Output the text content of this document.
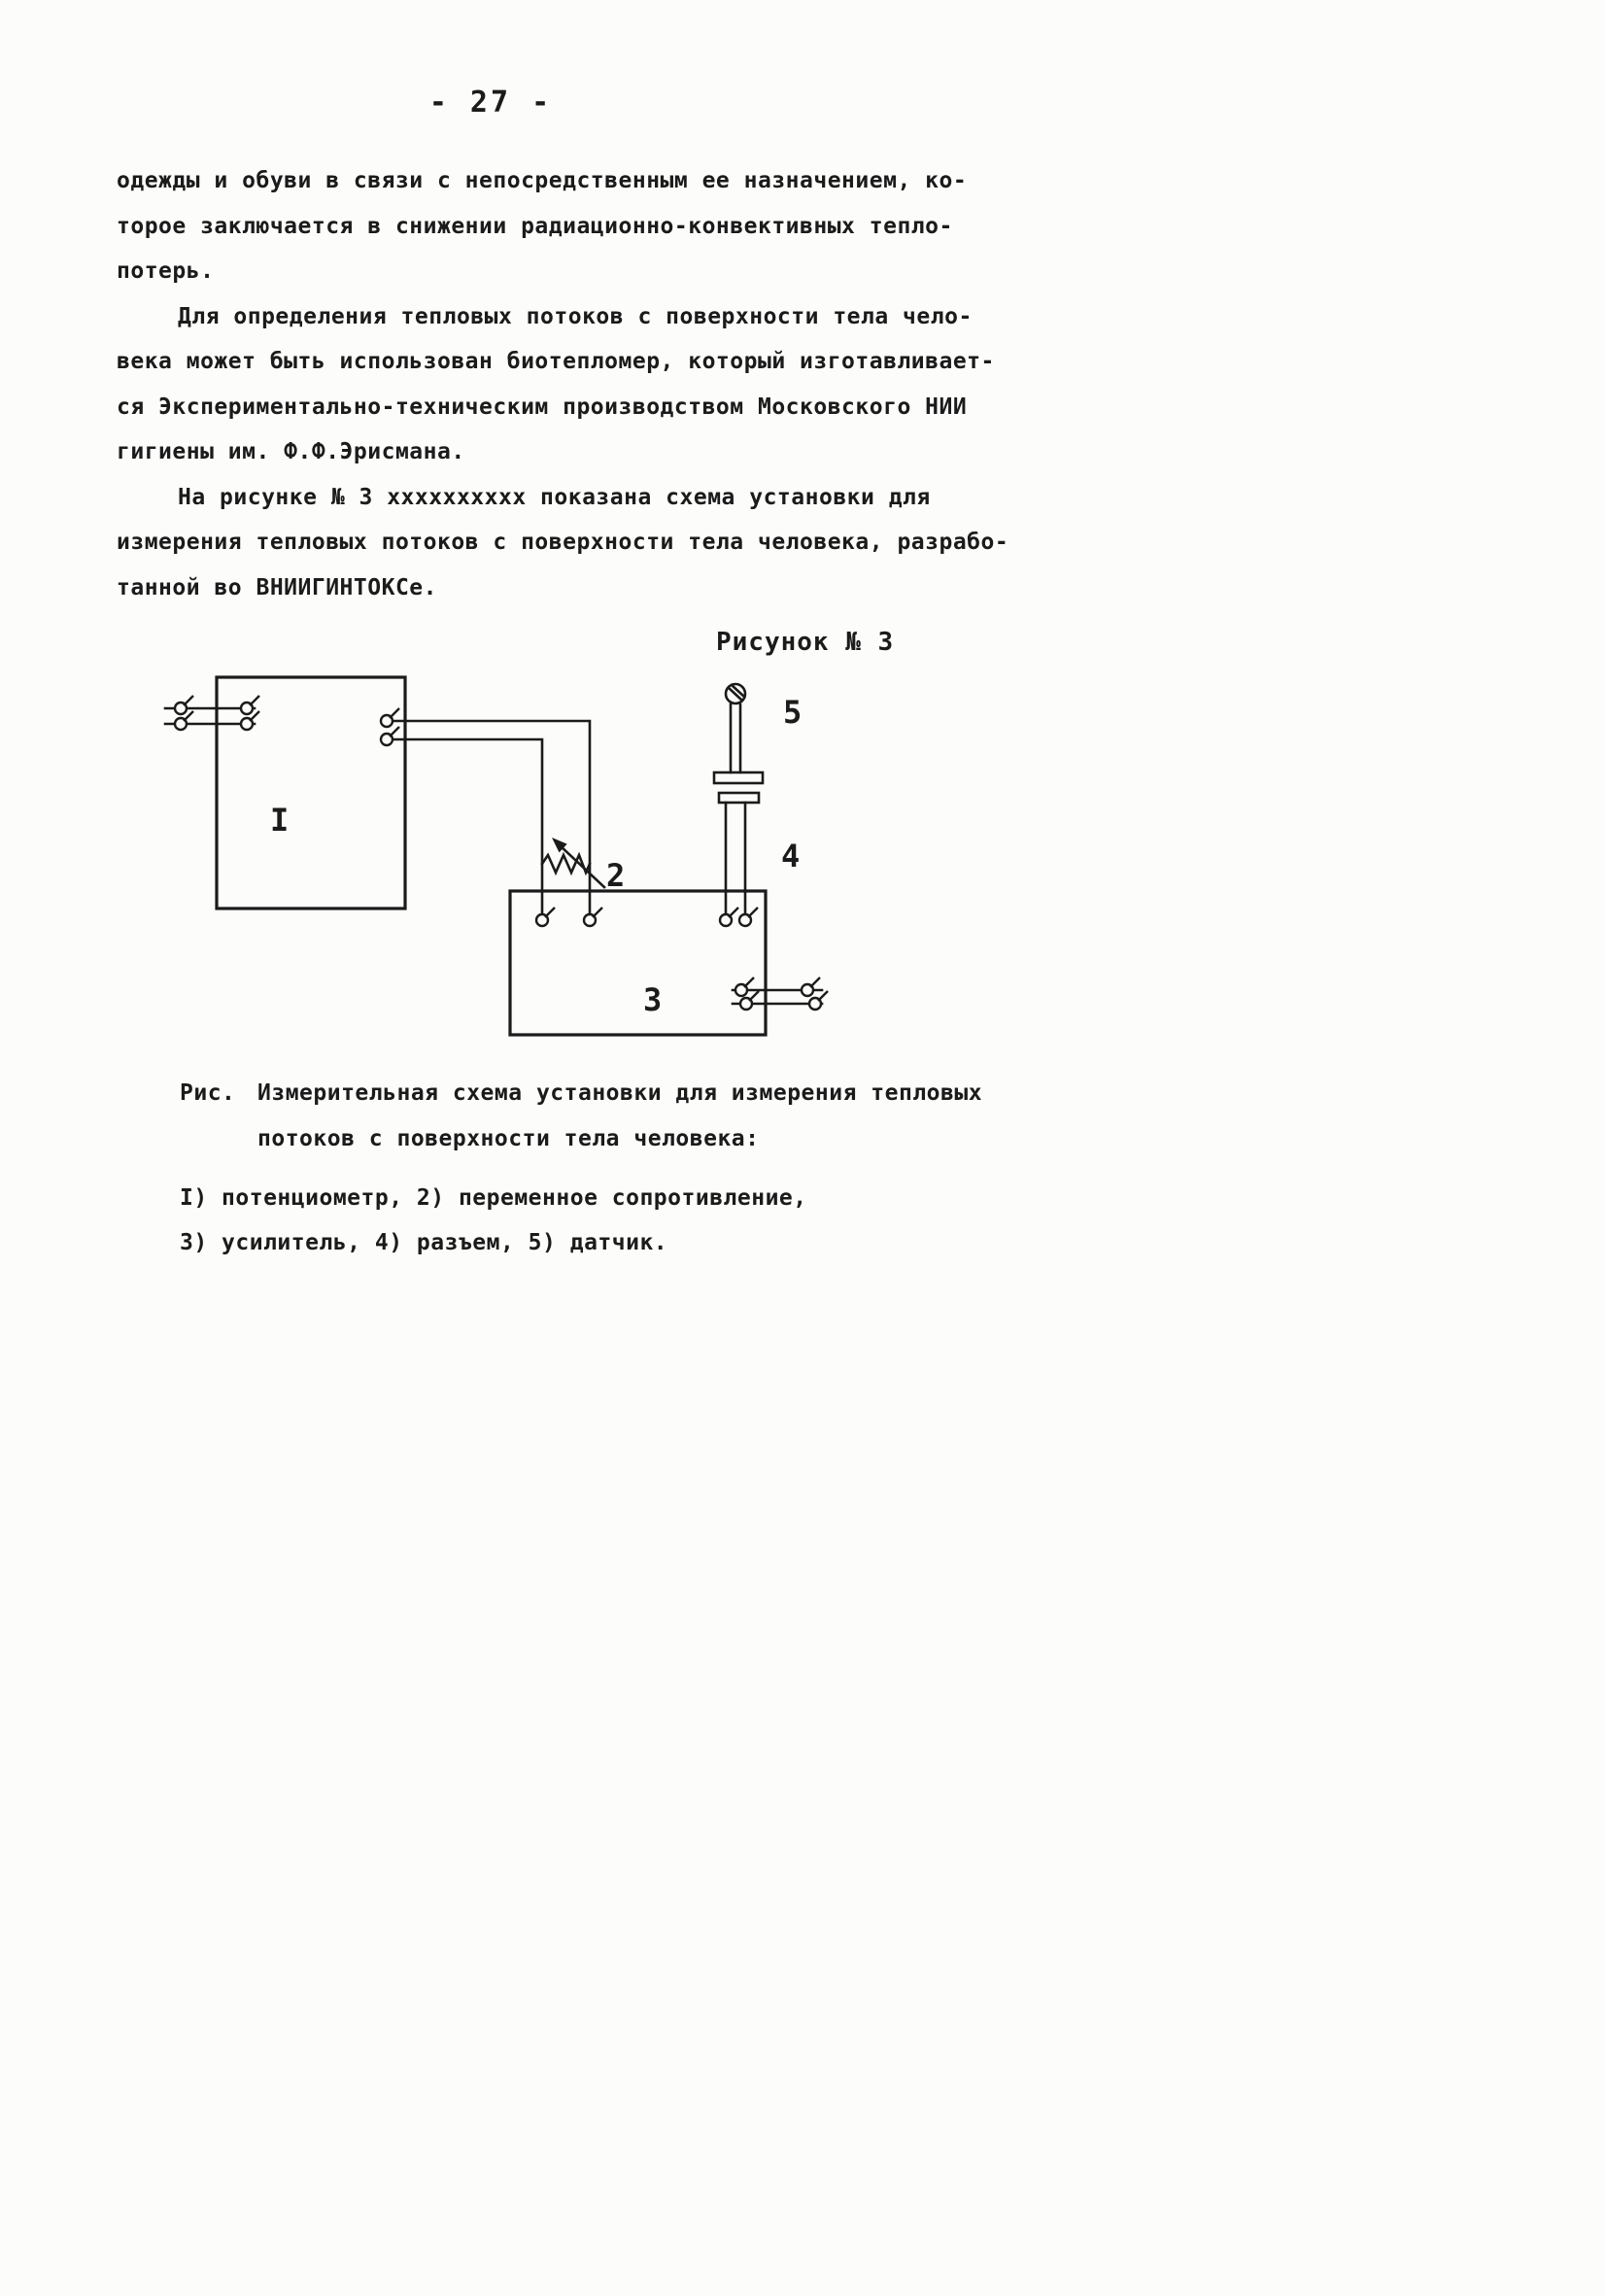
- 27 -
одежды и обуви в связи с непосредственным ее назначением, ко-
торое заключается в снижении радиационно-конвективных тепло-
потерь.
Для определения тепловых потоков с поверхности тела чело-
века может быть использован биотепломер, который изготавливает-
ся Экспериментально-техническим производством Московского НИИ
гигиены им. Ф.Ф.Эрисмана.
На рисунке № 3 хххххххххх показана схема установки для
измерения тепловых потоков с поверхности тела человека, разрабо-
танной во ВНИИГИНТОКСе.
Рисунок № 3
I
2
3
4
5
Рис. Измерительная схема установки для измерения тепловых
потоков с поверхности тела человека:
I) потенциометр, 2) переменное сопротивление,
3) усилитель, 4) разъем, 5) датчик.
